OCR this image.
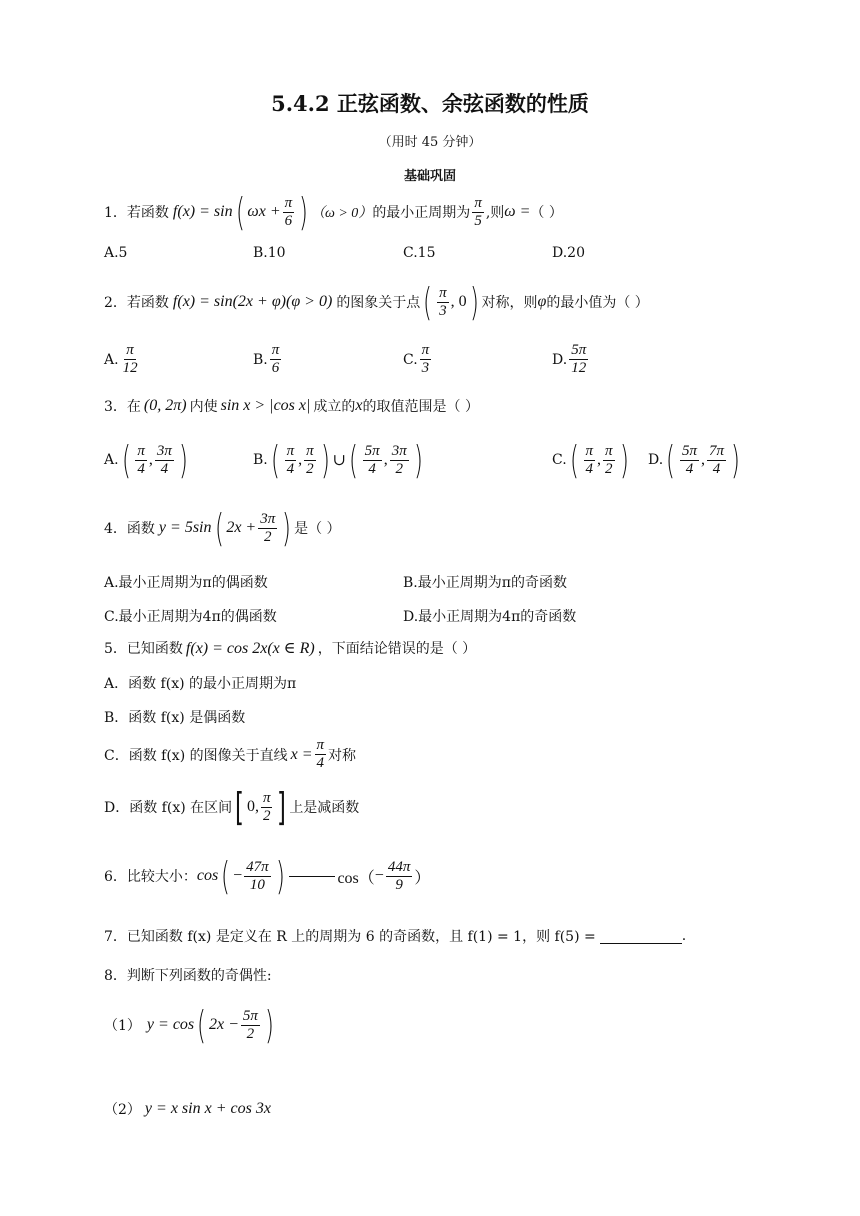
5.4.2 正弦函数、余弦函数的性质
（用时 45 分钟）
基础巩固
1． 若函数 f(x) = sin ( $\omega x + \frac{\pi}{6}$ ) （ω > 0） 的最小正周期为 $\frac{\pi}{5}$ ,则 ω = （ ）
A.5	B.10	C.15	D.20
2． 若函数 f(x) = sin(2x + φ)(φ > 0) 的图象关于点 ( $\frac{\pi}{3}$ , 0 ) 对称，则 φ 的最小值为（ ）
A. $\frac{\pi}{12}$	B. $\frac{\pi}{6}$	C. $\frac{\pi}{3}$	D. $\frac{5\pi}{12}$
3． 在 (0, 2π) 内使 sin x > |cos x| 成立的 x 的取值范围是（ ）
A. ( $\frac{\pi}{4}$ , $\frac{3\pi}{4}$ )	B. ( $\frac{\pi}{4}$ , $\frac{\pi}{2}$ ) ∪ ( $\frac{5\pi}{4}$ , $\frac{3\pi}{2}$ )	C. ( $\frac{\pi}{4}$ , $\frac{\pi}{2}$ ) D. ( $\frac{5\pi}{4}$ , $\frac{7\pi}{4}$ )
4． 函数 y = 5sin ( $2x + \frac{3\pi}{2}$ ) 是（ ）
A.最小正周期为π的偶函数	B.最小正周期为π的奇函数
C.最小正周期为4π的偶函数	D.最小正周期为4π的奇函数
5． 已知函数 f(x) = cos 2x(x ∈ R) ，下面结论错误的是（ ）
A．函数 f(x) 的最小正周期为π
B．函数 f(x) 是偶函数
C．函数 f(x) 的图像关于直线 $x = \frac{\pi}{4}$ 对称
D．函数 f(x) 在区间 [ 0, $\frac{\pi}{2}$ ] 上是减函数
6． 比较大小： cos ( − $\frac{47\pi}{10}$ )	$\cos( - \frac{44\pi}{9}$ ）
7． 已知函数 f(x) 是定义在 R 上的周期为 6 的奇函数，且 f(1) = 1，则 f(5) =	.
8． 判断下列函数的奇偶性:
（1） y = cos ( $2x - \frac{5\pi}{2}$ )
（2） y = x sin x + cos 3x
